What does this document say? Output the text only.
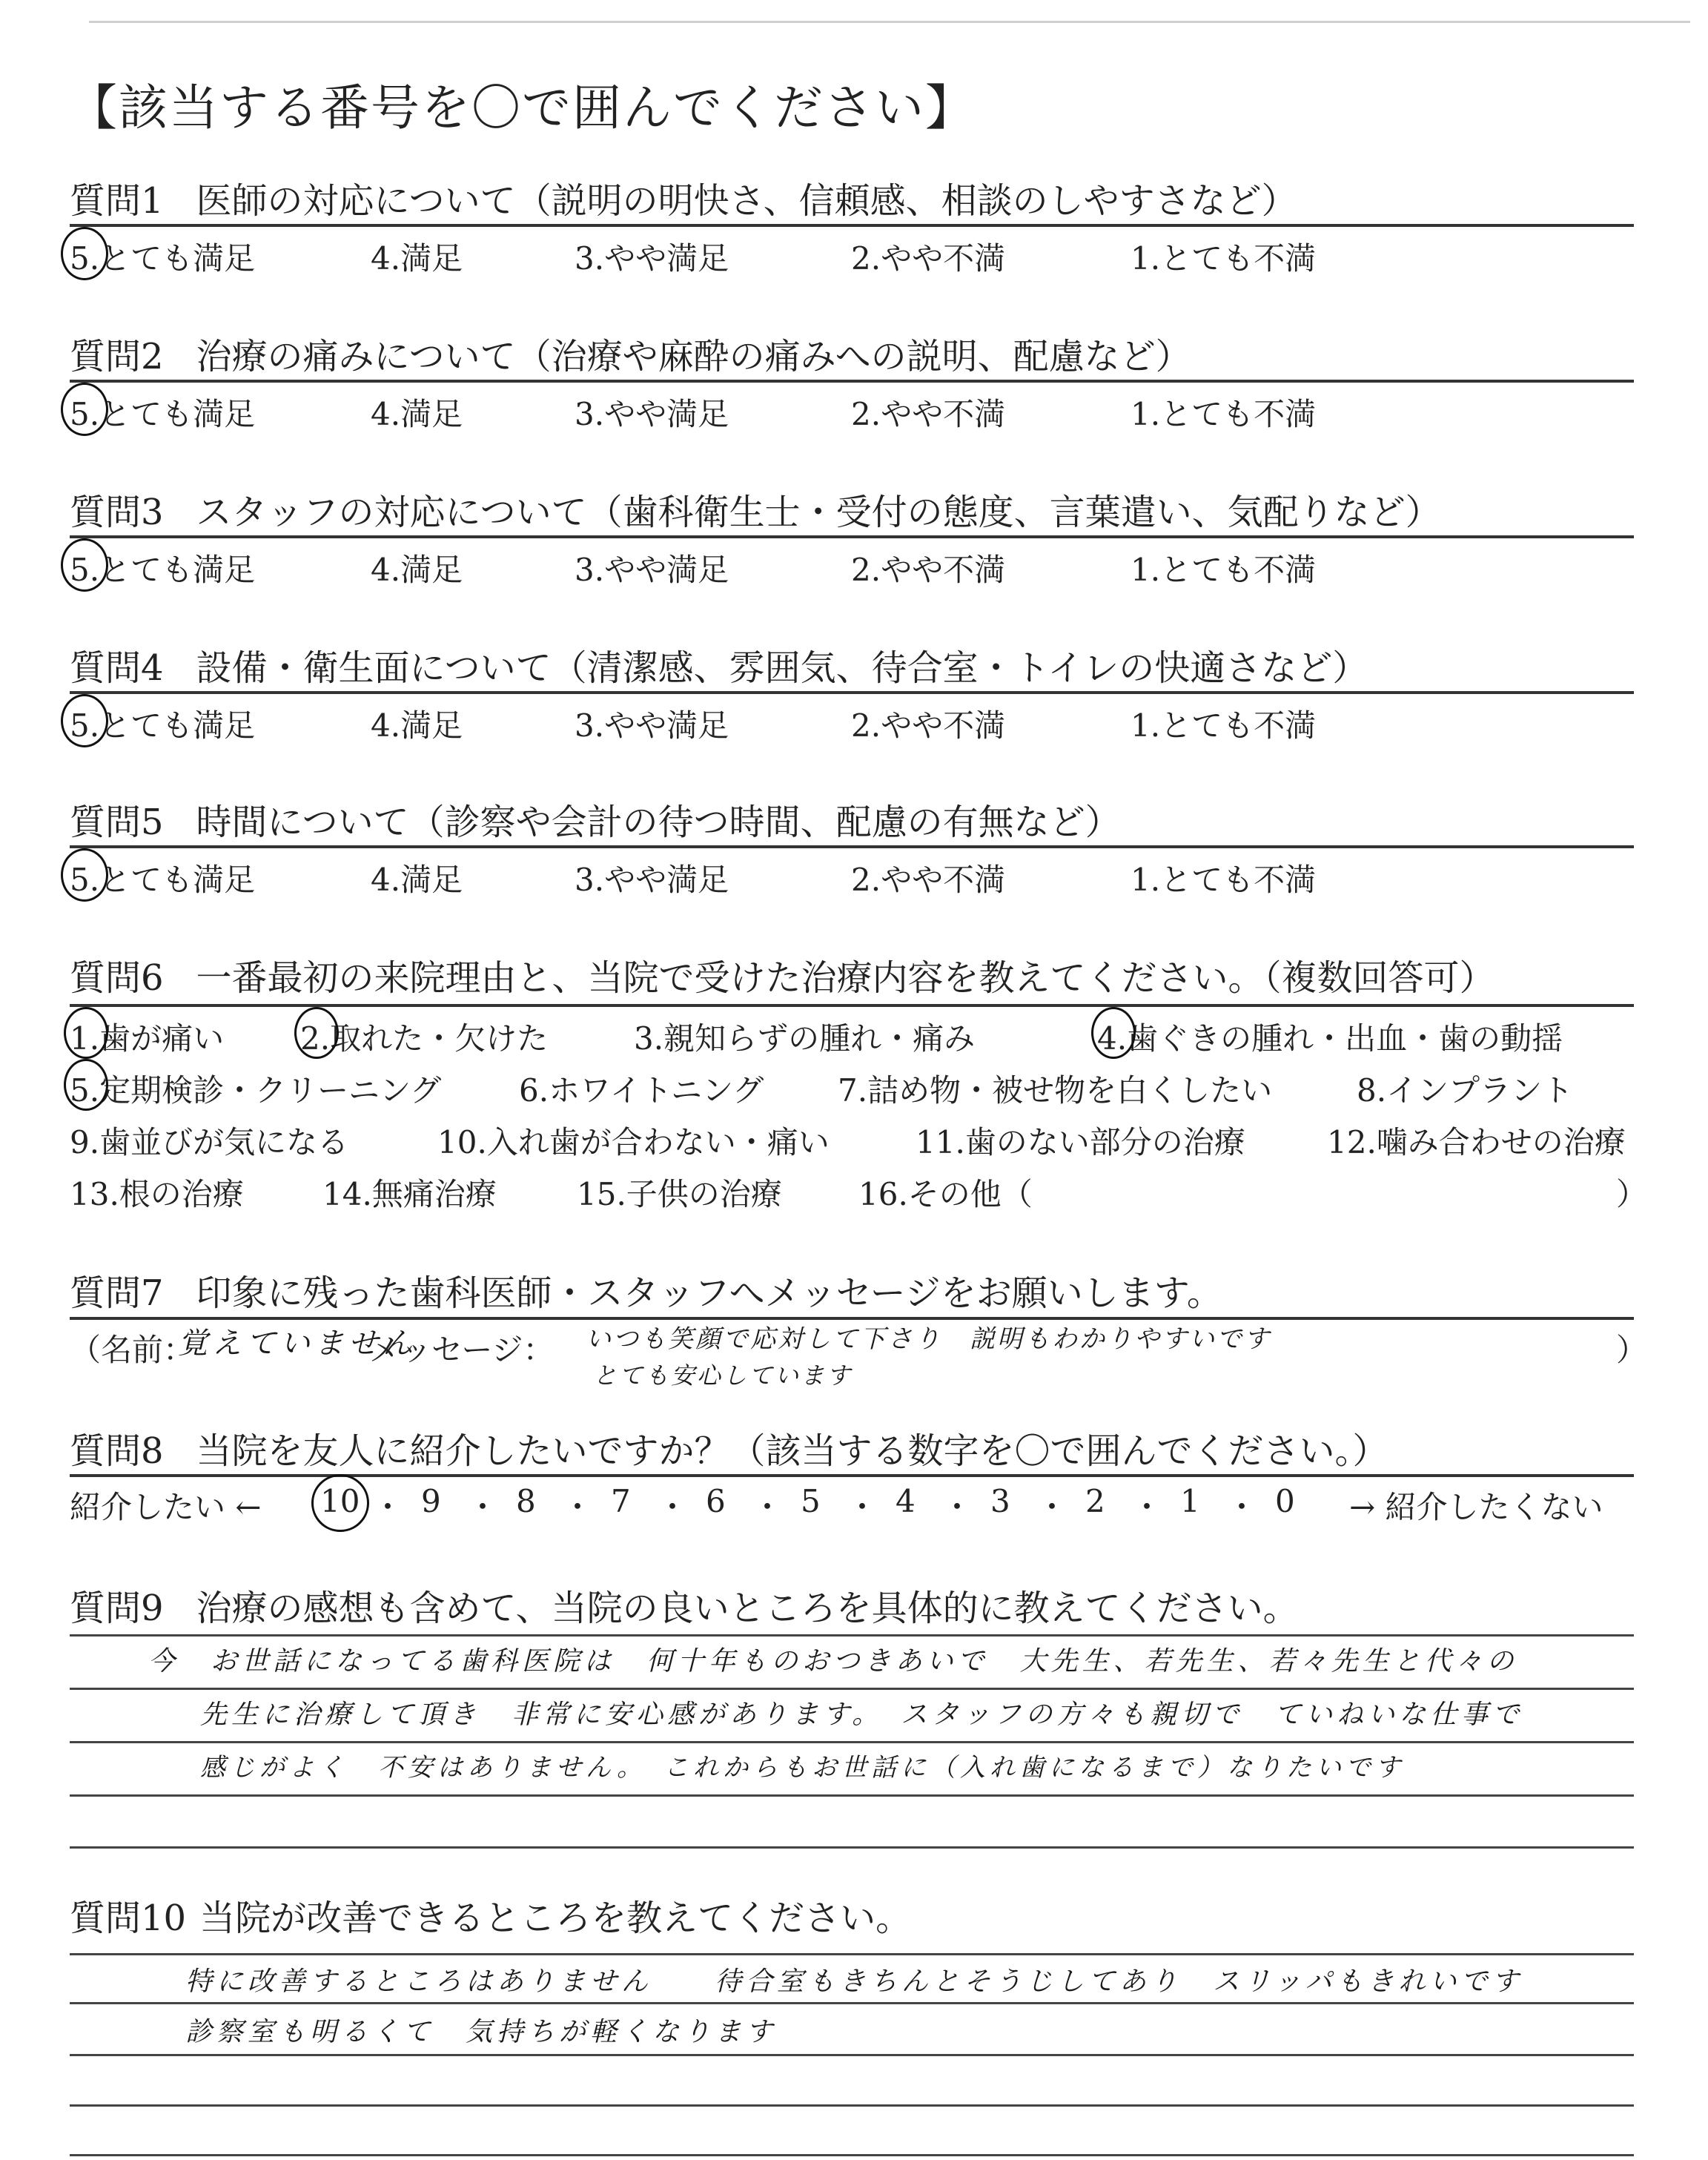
【該当する番号を〇で囲んでください】
質問1 医師の対応について（説明の明快さ、信頼感、相談のしやすさなど）
5.とても満足	4.満足	3.やや満足	2.やや不満	1.とても不満
質問2 治療の痛みについて（治療や麻酔の痛みへの説明、配慮など）
5.とても満足	4.満足	3.やや満足	2.やや不満	1.とても不満
質問3 スタッフの対応について（歯科衛生士・受付の態度、言葉遣い、気配りなど）
5.とても満足	4.満足	3.やや満足	2.やや不満	1.とても不満
質問4 設備・衛生面について（清潔感、雰囲気、待合室・トイレの快適さなど）
5.とても満足	4.満足	3.やや満足	2.やや不満	1.とても不満
質問5 時間について（診察や会計の待つ時間、配慮の有無など）
5.とても満足	4.満足	3.やや満足	2.やや不満	1.とても不満
質問6 一番最初の来院理由と、当院で受けた治療内容を教えてください。（複数回答可）
1.歯が痛い 2.取れた・欠けた	3.親知らずの腫れ・痛み	4.歯ぐきの腫れ・出血・歯の動揺
5.定期検診・クリーニング 6.ホワイトニング 7.詰め物・被せ物を白くしたい	8.インプラント
9.歯並びが気になる	10.入れ歯が合わない・痛い	11.歯のない部分の治療	12.噛み合わせの治療
13.根の治療	14.無痛治療	15.子供の治療 16.その他（	）
質問7 印象に残った歯科医師・スタッフへメッセージをお願いします。
（名前：
覚えていません
メッセージ： いつも笑顔で応対して下さり　説明もわかりやすいです
とても安心しています
）
質問8 当院を友人に紹介したいですか？（該当する数字を〇で囲んでください。）
紹介したい ← 10 ・ 9 ・ 8 ・ 7 ・ 6 ・ 5 ・ 4 ・ 3 ・ 2 ・ 1 ・ 0 → 紹介したくない
質問9 治療の感想も含めて、当院の良いところを具体的に教えてください。
今　お世話になってる歯科医院は　何十年ものおつきあいで　大先生、若先生、若々先生と代々の
先生に治療して頂き　非常に安心感があります。　スタッフの方々も親切で　ていねいな仕事で
感じがよく　不安はありません。　これからもお世話に（入れ歯になるまで）なりたいです
質問10 当院が改善できるところを教えてください。
特に改善するところはありません　　待合室もきちんとそうじしてあり　スリッパもきれいです
診察室も明るくて　気持ちが軽くなります
